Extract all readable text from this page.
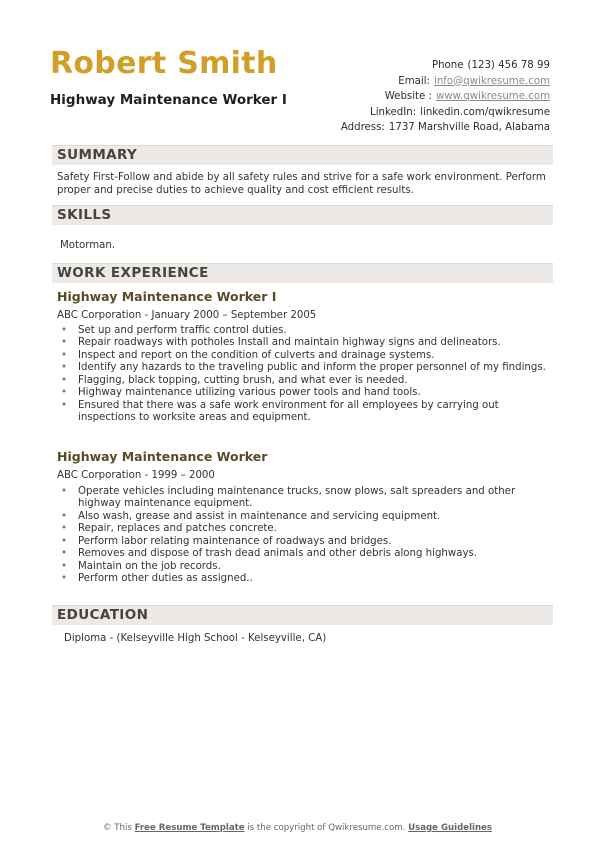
Robert Smith
Highway Maintenance Worker I
Phone (123) 456 78 99
Email: info@qwikresume.com
Website : www.qwikresume.com
LinkedIn: linkedin.com/qwikresume
Address: 1737 Marshville Road, Alabama
SUMMARY
Safety First-Follow and abide by all safety rules and strive for a safe work environment. Perform proper and precise duties to achieve quality and cost efficient results.
SKILLS
Motorman.
WORK EXPERIENCE
Highway Maintenance Worker I
ABC Corporation - January 2000 – September 2005
• Set up and perform traffic control duties.
• Repair roadways with potholes Install and maintain highway signs and delineators.
• Inspect and report on the condition of culverts and drainage systems.
• Identify any hazards to the traveling public and inform the proper personnel of my findings.
• Flagging, black topping, cutting brush, and what ever is needed.
• Highway maintenance utilizing various power tools and hand tools.
• Ensured that there was a safe work environment for all employees by carrying out inspections to worksite areas and equipment.
Highway Maintenance Worker
ABC Corporation - 1999 – 2000
• Operate vehicles including maintenance trucks, snow plows, salt spreaders and other highway maintenance equipment.
• Also wash, grease and assist in maintenance and servicing equipment.
• Repair, replaces and patches concrete.
• Perform labor relating maintenance of roadways and bridges.
• Removes and dispose of trash dead animals and other debris along highways.
• Maintain on the job records.
• Perform other duties as assigned..
EDUCATION
Diploma - (Kelseyville High School - Kelseyville, CA)
© This Free Resume Template is the copyright of Qwikresume.com. Usage Guidelines
